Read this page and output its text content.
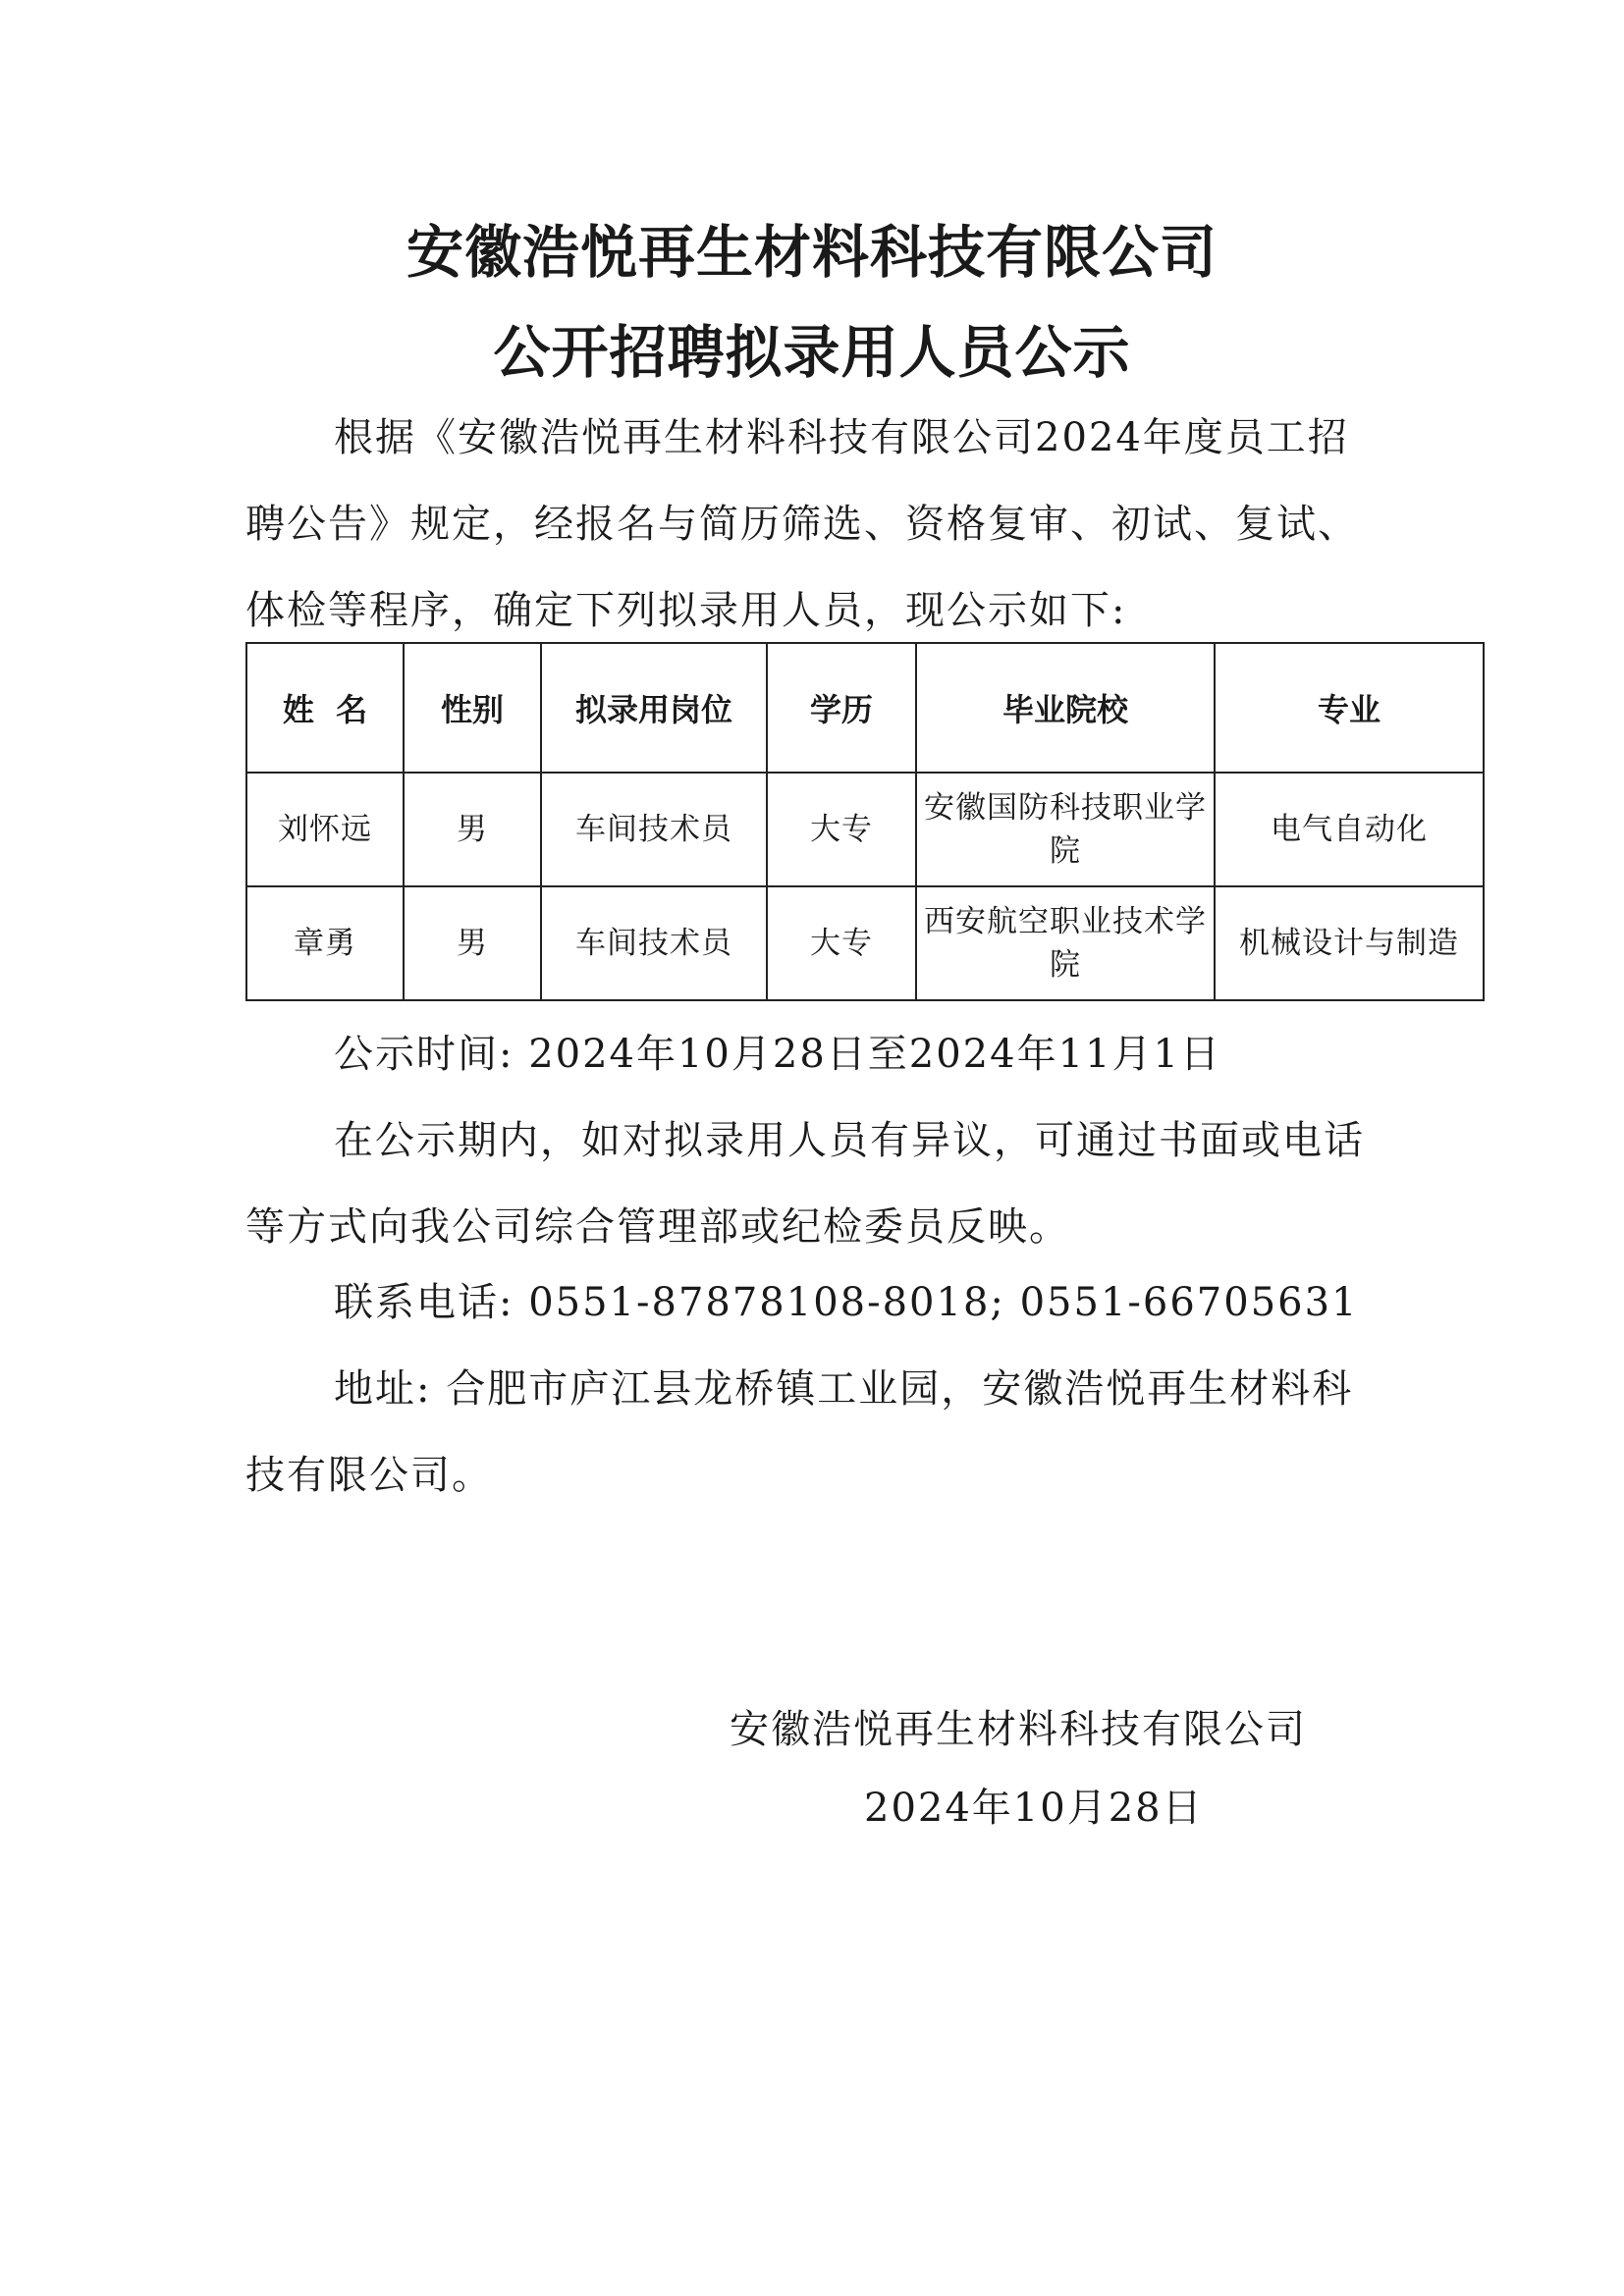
安徽浩悦再生材料科技有限公司
公开招聘拟录用人员公示

根据《安徽浩悦再生材料科技有限公司2024年度员工招聘公告》规定，经报名与简历筛选、资格复审、初试、复试、体检等程序，确定下列拟录用人员，现公示如下:

姓  名	性别	拟录用岗位	学历	毕业院校	专业
刘怀远	男	车间技术员	大专	安徽国防科技职业学院	电气自动化
章勇	男	车间技术员	大专	西安航空职业技术学院	机械设计与制造

公示时间: 2024年10月28日至2024年11月1日

在公示期内，如对拟录用人员有异议，可通过书面或电话等方式向我公司综合管理部或纪检委员反映。

联系电话: 0551-87878108-8018; 0551-66705631

地址: 合肥市庐江县龙桥镇工业园，安徽浩悦再生材料科技有限公司。

安徽浩悦再生材料科技有限公司
2024年10月28日
